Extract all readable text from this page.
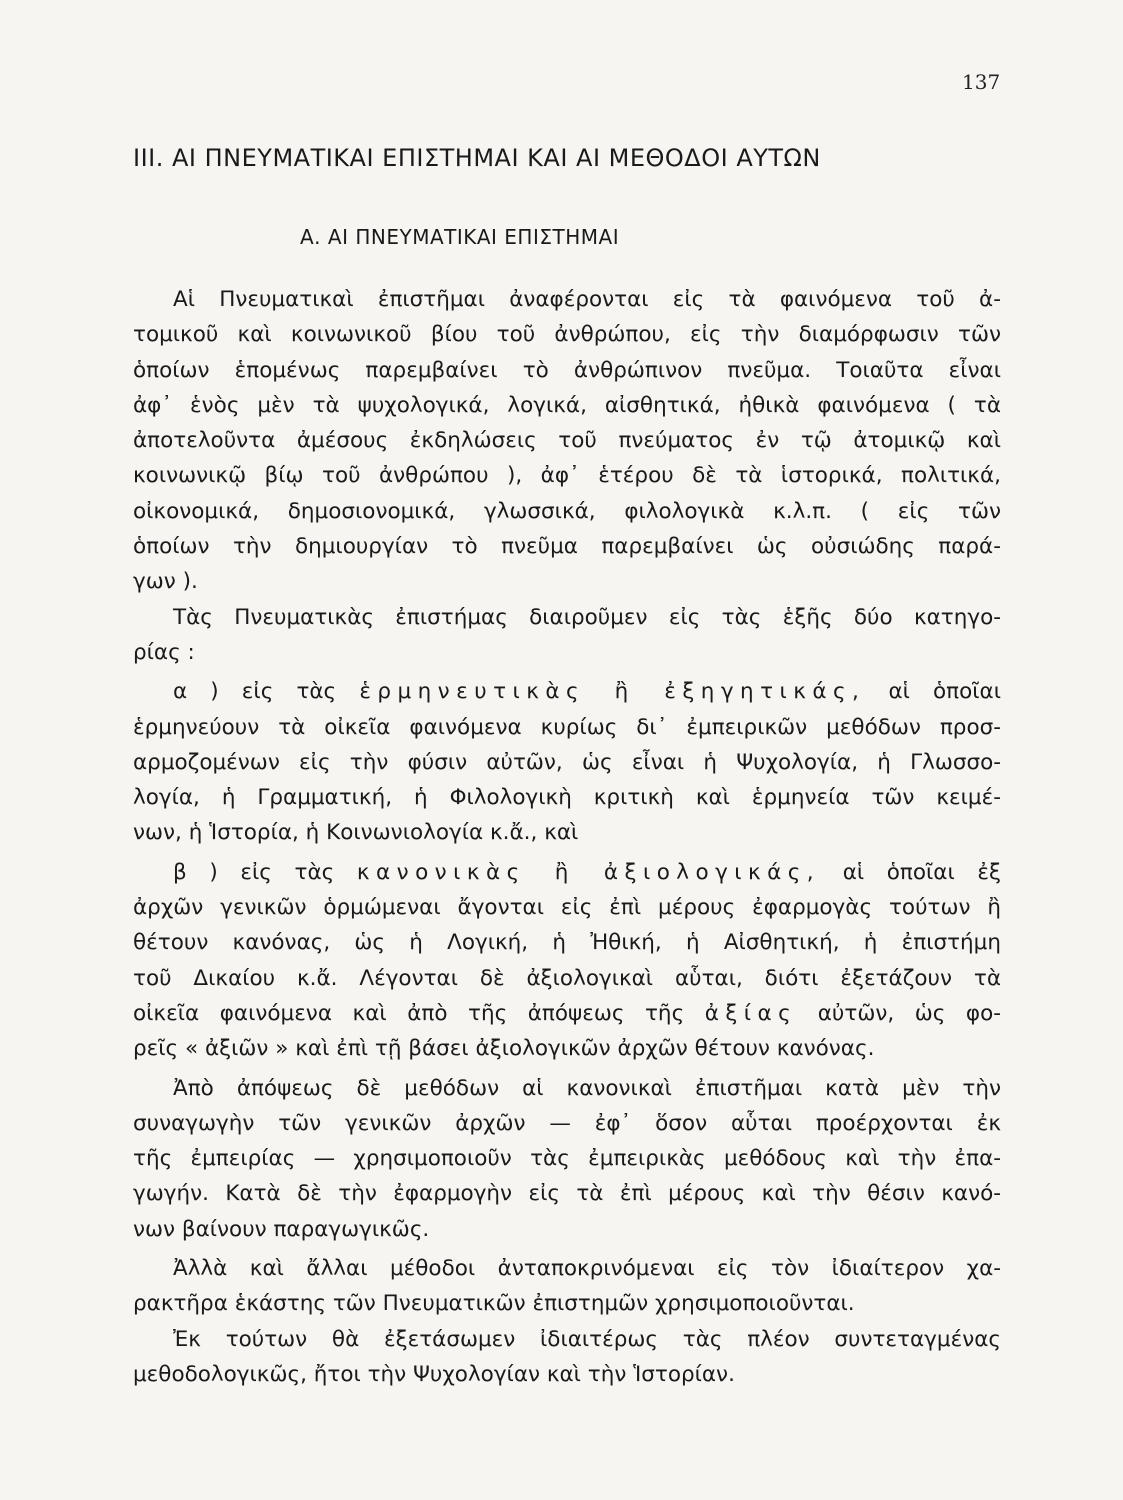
137
III. ΑΙ ΠΝΕΥΜΑΤΙΚΑΙ ΕΠΙΣΤΗΜΑΙ ΚΑΙ ΑΙ ΜΕΘΟΔΟΙ ΑΥΤΩΝ
Α. ΑΙ ΠΝΕΥΜΑΤΙΚΑΙ ΕΠΙΣΤΗΜΑΙ
Αἱ Πνευματικαὶ ἐπιστῆμαι ἀναφέρονται εἰς τὰ φαινόμενα τοῦ ἀ-
τομικοῦ καὶ κοινωνικοῦ βίου τοῦ ἀνθρώπου, εἰς τὴν διαμόρφωσιν τῶν
ὁποίων ἑπομένως παρεμβαίνει τὸ ἀνθρώπινον πνεῦμα. Τοιαῦτα εἶναι
ἀφ᾽ ἑνὸς μὲν τὰ ψυχολογικά, λογικά, αἰσθητικά, ἠθικὰ φαινόμενα ( τὰ
ἀποτελοῦντα ἀμέσους ἐκδηλώσεις τοῦ πνεύματος ἐν τῷ ἀτομικῷ καὶ
κοινωνικῷ βίῳ τοῦ ἀνθρώπου ), ἀφ᾽ ἑτέρου δὲ τὰ ἱστορικά, πολιτικά,
οἰκονομικά, δημοσιονομικά, γλωσσικά, φιλολογικὰ κ.λ.π. ( εἰς τῶν
ὁποίων τὴν δημιουργίαν τὸ πνεῦμα παρεμβαίνει ὡς οὐσιώδης παρά-
γων ).
Τὰς Πνευματικὰς ἐπιστήμας διαιροῦμεν εἰς τὰς ἑξῆς δύο κατηγο-
ρίας :
α ) εἰς τὰς ἑρμηνευτικὰς ἢ ἐξηγητικάς, αἱ ὁποῖαι
ἑρμηνεύουν τὰ οἰκεῖα φαινόμενα κυρίως δι᾽ ἐμπειρικῶν μεθόδων προσ-
αρμοζομένων εἰς τὴν φύσιν αὐτῶν, ὡς εἶναι ἡ Ψυχολογία, ἡ Γλωσσο-
λογία, ἡ Γραμματική, ἡ Φιλολογικὴ κριτικὴ καὶ ἑρμηνεία τῶν κειμέ-
νων, ἡ Ἱστορία, ἡ Κοινωνιολογία κ.ἄ., καὶ
β ) εἰς τὰς κανονικὰς ἢ ἀξιολογικάς, αἱ ὁποῖαι ἐξ
ἀρχῶν γενικῶν ὁρμώμεναι ἄγονται εἰς ἐπὶ μέρους ἐφαρμογὰς τούτων ἢ
θέτουν κανόνας, ὡς ἡ Λογική, ἡ Ἠθική, ἡ Αἰσθητική, ἡ ἐπιστήμη
τοῦ Δικαίου κ.ἄ. Λέγονται δὲ ἀξιολογικαὶ αὗται, διότι ἐξετάζουν τὰ
οἰκεῖα φαινόμενα καὶ ἀπὸ τῆς ἀπόψεως τῆς ἀξίας αὐτῶν, ὡς φο-
ρεῖς « ἀξιῶν » καὶ ἐπὶ τῇ βάσει ἀξιολογικῶν ἀρχῶν θέτουν κανόνας.
Ἀπὸ ἀπόψεως δὲ μεθόδων αἱ κανονικαὶ ἐπιστῆμαι κατὰ μὲν τὴν
συναγωγὴν τῶν γενικῶν ἀρχῶν — ἐφ᾽ ὅσον αὗται προέρχονται ἐκ
τῆς ἐμπειρίας — χρησιμοποιοῦν τὰς ἐμπειρικὰς μεθόδους καὶ τὴν ἐπα-
γωγήν. Κατὰ δὲ τὴν ἐφαρμογὴν εἰς τὰ ἐπὶ μέρους καὶ τὴν θέσιν κανό-
νων βαίνουν παραγωγικῶς.
Ἀλλὰ καὶ ἄλλαι μέθοδοι ἀνταποκρινόμεναι εἰς τὸν ἰδιαίτερον χα-
ρακτῆρα ἑκάστης τῶν Πνευματικῶν ἐπιστημῶν χρησιμοποιοῦνται.
Ἐκ τούτων θὰ ἐξετάσωμεν ἰδιαιτέρως τὰς πλέον συντεταγμένας
μεθοδολογικῶς, ἤτοι τὴν Ψυχολογίαν καὶ τὴν Ἱστορίαν.
